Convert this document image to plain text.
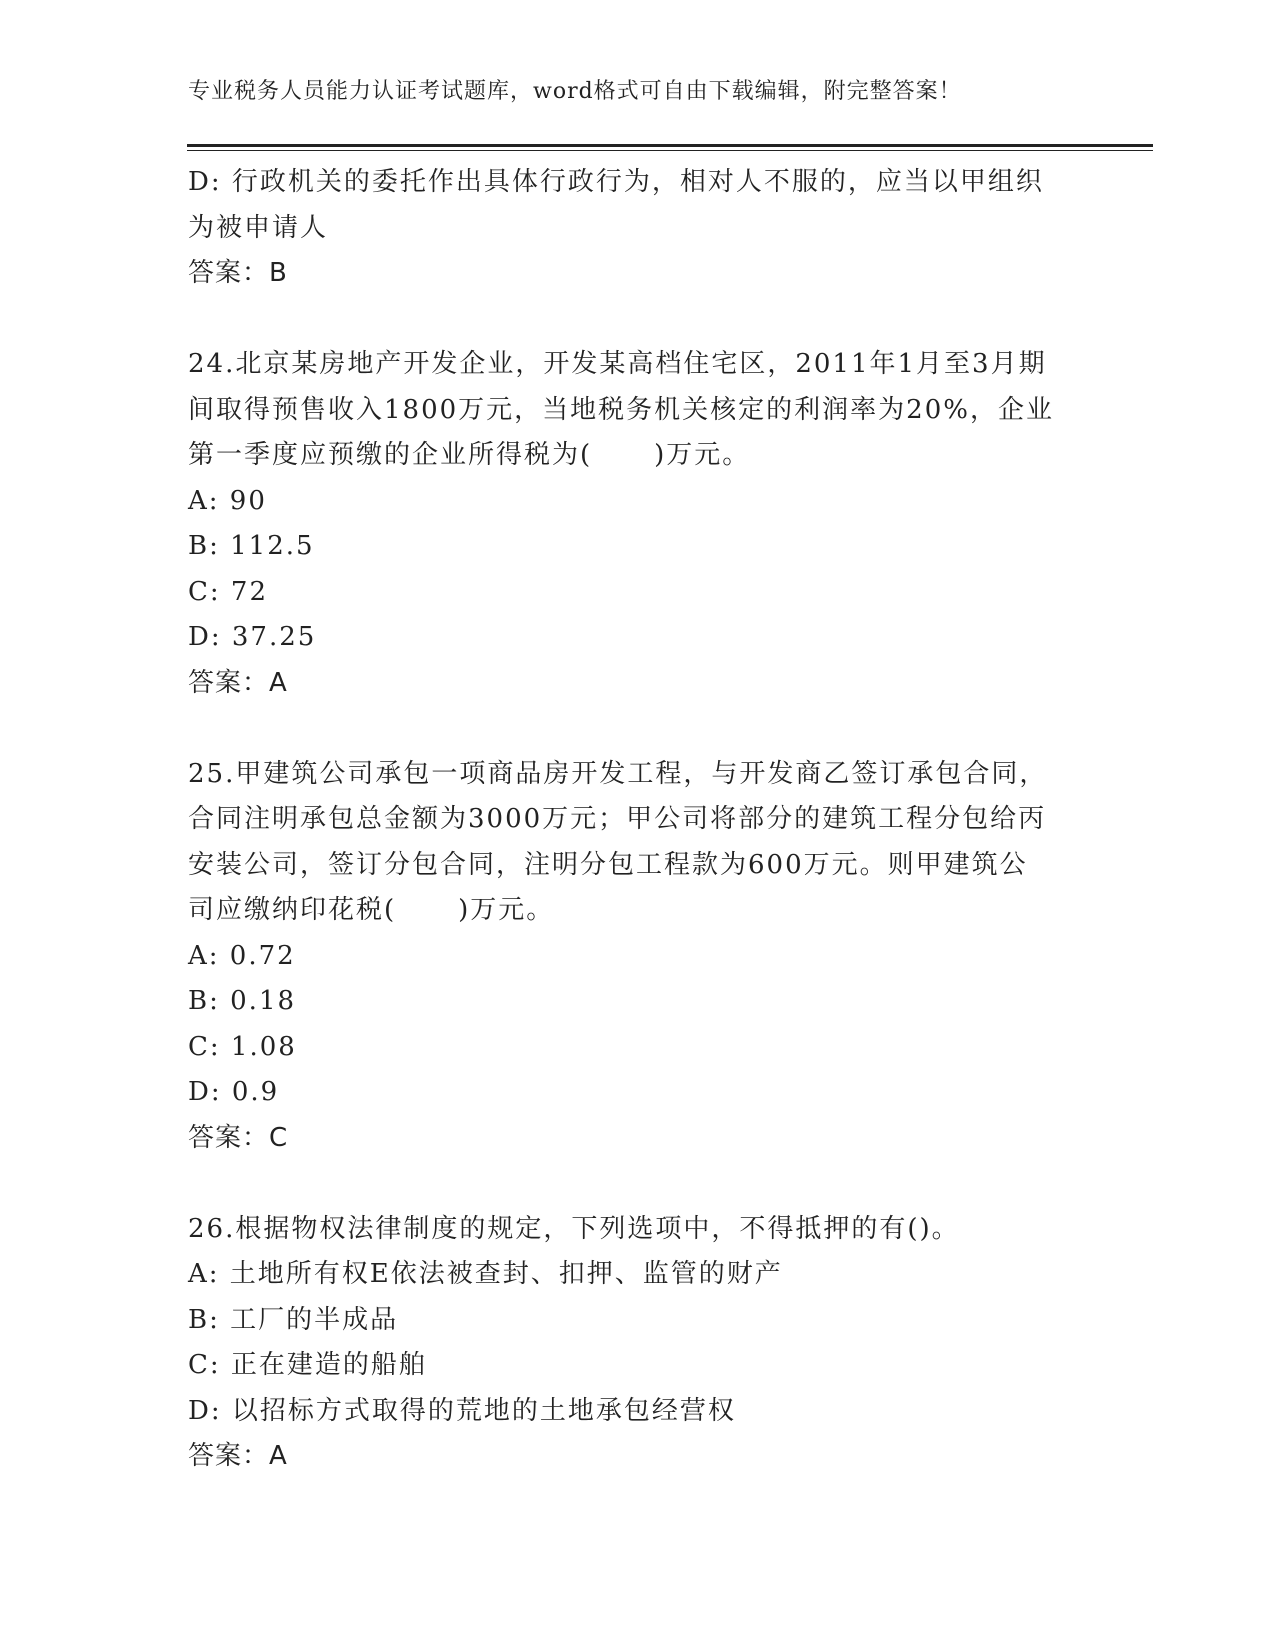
专业税务人员能力认证考试题库，word格式可自由下载编辑，附完整答案！
D: 行政机关的委托作出具体行政行为，相对人不服的，应当以甲组织
为被申请人
答案：B
24.北京某房地产开发企业，开发某高档住宅区，2011年1月至3月期
间取得预售收入1800万元，当地税务机关核定的利润率为20%，企业
第一季度应预缴的企业所得税为( )万元。
A: 90
B: 112.5
C: 72
D: 37.25
答案：A
25.甲建筑公司承包一项商品房开发工程，与开发商乙签订承包合同，
合同注明承包总金额为3000万元；甲公司将部分的建筑工程分包给丙
安装公司，签订分包合同，注明分包工程款为600万元。则甲建筑公
司应缴纳印花税( )万元。
A: 0.72
B: 0.18
C: 1.08
D: 0.9
答案：C
26.根据物权法律制度的规定，下列选项中，不得抵押的有()。
A: 土地所有权E依法被查封、扣押、监管的财产
B: 工厂的半成品
C: 正在建造的船舶
D: 以招标方式取得的荒地的土地承包经营权
答案：A
